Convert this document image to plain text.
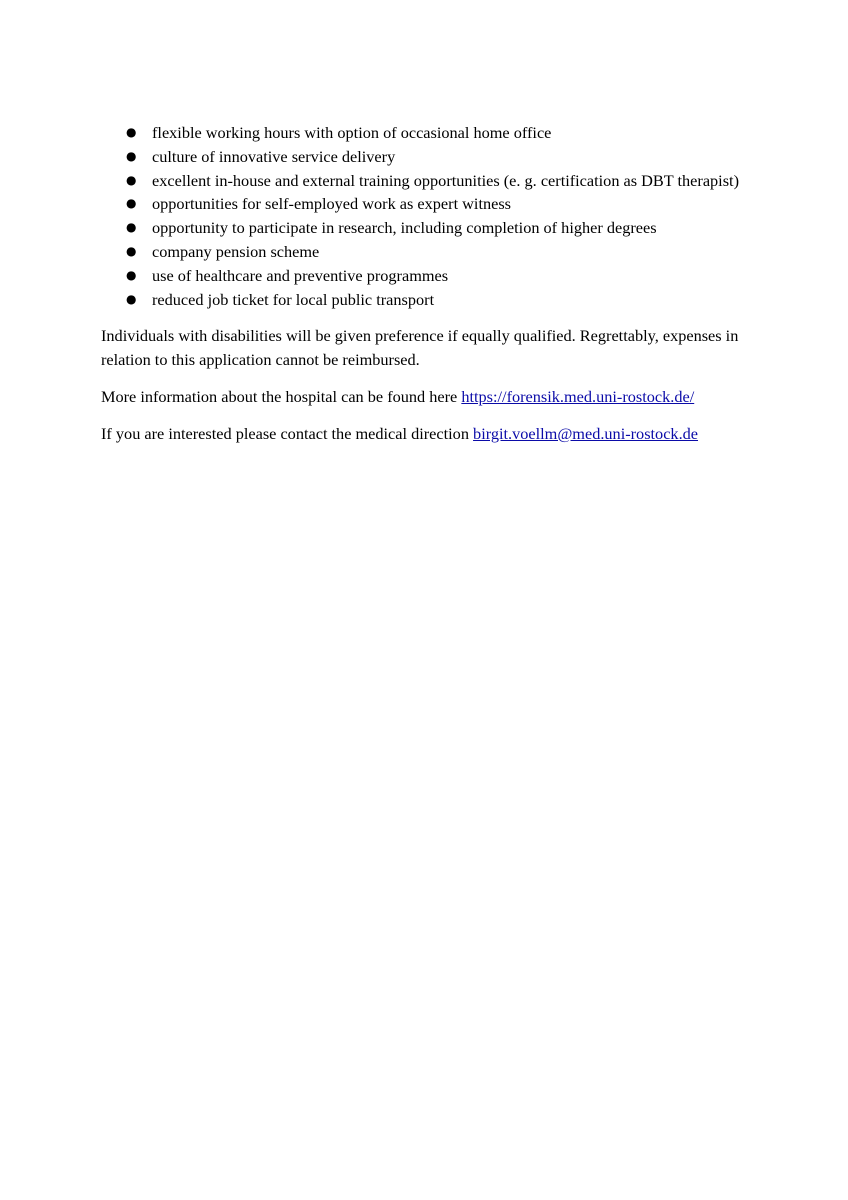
● flexible working hours with option of occasional home office
● culture of innovative service delivery
● excellent in-house and external training opportunities (e. g. certification as DBT therapist)
● opportunities for self-employed work as expert witness
● opportunity to participate in research, including completion of higher degrees
● company pension scheme
● use of healthcare and preventive programmes
● reduced job ticket for local public transport

Individuals with disabilities will be given preference if equally qualified. Regrettably, expenses in relation to this application cannot be reimbursed.

More information about the hospital can be found here https://forensik.med.uni-rostock.de/

If you are interested please contact the medical direction birgit.voellm@med.uni-rostock.de
